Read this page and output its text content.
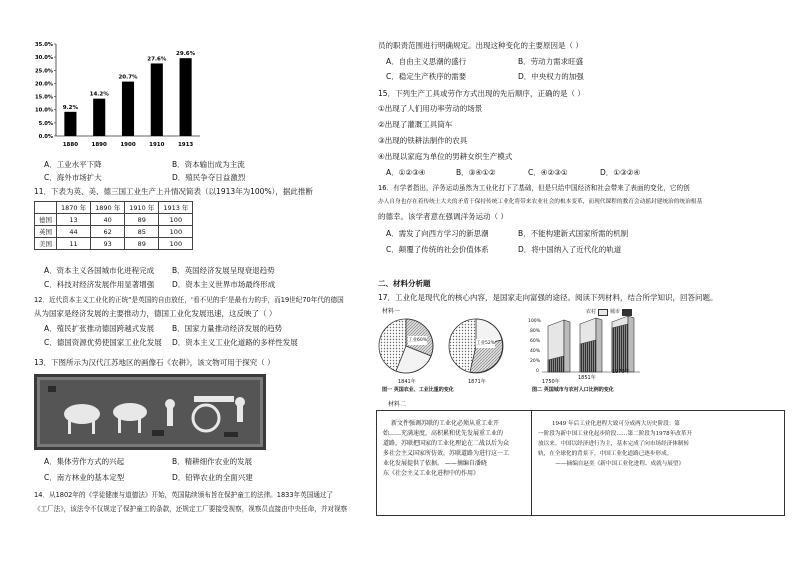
35.0%
30.0%
25.0%
20.0%
15.0%
10.0%
5.0%
0.0%
9.2%
1880
14.2%
1890
20.7%
1900
27.6%
1910
29.6%
1913
A．工业水平下降	B．资本输出成为主流
C．海外市场扩大	D．殖民争夺日益激烈
11．下表为英、美、德三国工业生产上升情况简表（以1913年为100%），据此推断
	1870 年	1890 年	1910 年	1913 年
德国	13	40	89	100
英国	44	62	85	100
美国	11	93	89	100
A．资本主义各国城市化进程完成 B．英国经济发展呈现衰退趋势
C．科技对经济发展作用显著增强 D．资本主义世界市场最终形成
12．近代资本主义工业化的正统“是英国的自由放任，‘看不见的手’是最有力的手，而19世纪70年代的德国
从为国家是经济发展的主要推动力，德国工业化发展迅速，这反映了（ ）
A．殖民扩张推动德国跨越式发展 B．国家力量推动经济发展的趋势
C．德国资源优势使国家工业化发展 D．资本主义工业化道路的多样性发展
13．下图所示为汉代江苏地区的画像石《农耕》，该文物可用于探究（ ）
A．集体劳作方式的兴起	B．精耕细作农业的发展
C．南方林业的基本定型	D．铅铧农业的全面兴建
14．从1802年的《学徒健康与道德法》开始，英国陆续颁布旨在保护童工的法律。1833年英国通过了
《工厂法》，该法令不仅规定了保护童工的条款，还规定工厂要接受视察，视察员直接由中央任命，并对视察
员的职责范围进行明确规定。出现这种变化的主要原因是（ ）
A．自由主义思潮的盛行	B．劳动力需求旺盛
C．稳定生产秩序的需要	D．中央权力的加强
15．下列生产工具或劳作方式出现的先后顺序，正确的是（ ）
①出现了人们用功率劳动的场景
②出现了灌溉工具筒车
③出现的铁耕法制作的农具
④出现以家庭为单位的男耕女织生产模式
A．①②③④	B．③④①②	C．④②③①	D．①③②④
16．有学者指出，洋务运动虽然为工业化打下了基础，但是只给中国经济和社会带来了表面的变化，它的创
办人自身也存在着传统士大夫的矛盾于保持传统工业化将带来农业社会的根本变革，而现代课程的教育会动摇封建统治的统治根基
的德幸。该学者意在强调洋务运动（ ）
A．需发了向西方学习的新思潮	B．不能构建新式国家所需的机制
C．颠覆了传统的社会价值体系	D．将中国纳入了近代化的轨道
二、材料分析题
17．工业化是现代化的核心内容，是国家走向富强的途径。阅读下列材料，结合所学知识，回答问题。
材料一
工业60%
工业52%
1841年	1871年
图一 英国农业、工业比重的变化
农村	城市
100%
80%
60%
40%
20%
0
1750年
1851年
1970年
图二 英国城市与农村人口比例的变化
材料二
新文件强调苏联的工业化必须从重工业开
始……充满速度，高积累和优先发展重工业的
道路，苏联把国家的工业化理论在二战以后为众
多社会主义国家所仿效。苏联道路为进行这一工
业化发展提供了依据。 ——摘编自潘晓
东《社会主义工业化进程中的作用》
1949 年后工业化进程大致可分成两大历史阶段：第
一阶段为新中国工业化起步阶段……第二阶段为1978年改革开
放以来。中国以经济进行为主，基本完成了向市场经济体制转
轨，在全球化的背景下，中国工业化道路已逐步形成。
——摘编自赵奕《新中国工业化进程、成就与展望》
